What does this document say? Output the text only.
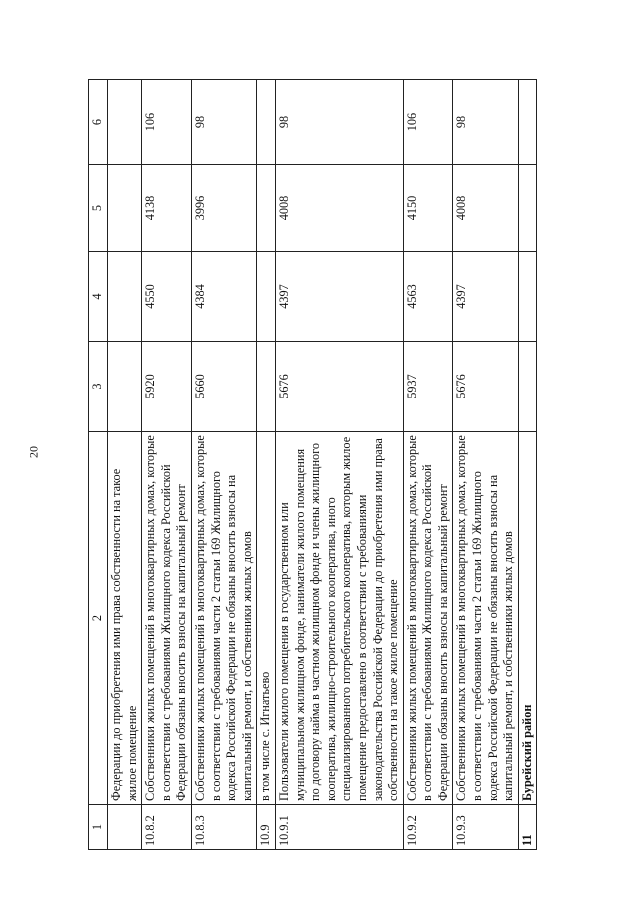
20
1	2	3	4	5	6
	Федерации до приобретения ими права собственности на такое жилое помещение				
10.8.2	Собственники жилых помещений в многоквартирных домах, которые в соответствии с требованиями Жилищного кодекса Российской Федерации обязаны вносить взносы на капитальный ремонт	5920	4550	4138	106
10.8.3	Собственники жилых помещений в многоквартирных домах, которые в соответствии с требованиями части 2 статьи 169 Жилищного кодекса Российской Федерации не обязаны вносить взносы на капитальный ремонт, и собственники жилых домов	5660	4384	3996	98
10.9	в том числе с. Игнатьево				
10.9.1	Пользователи жилого помещения в государственном или муниципальном жилищном фонде, наниматели жилого помещения по договору найма в частном жилищном фонде и члены жилищного кооператива, жилищно-строительного кооператива, иного специализированного потребительского кооператива, которым жилое помещение предоставлено в соответствии с требованиями законодательства Российской Федерации до приобретения ими права собственности на такое жилое помещение	5676	4397	4008	98
10.9.2	Собственники жилых помещений в многоквартирных домах, которые в соответствии с требованиями Жилищного кодекса Российской Федерации обязаны вносить взносы на капитальный ремонт	5937	4563	4150	106
10.9.3	Собственники жилых помещений в многоквартирных домах, которые в соответствии с требованиями части 2 статьи 169 Жилищного кодекса Российской Федерации не обязаны вносить взносы на капитальный ремонт, и собственники жилых домов	5676	4397	4008	98
11	Бурейский район				
